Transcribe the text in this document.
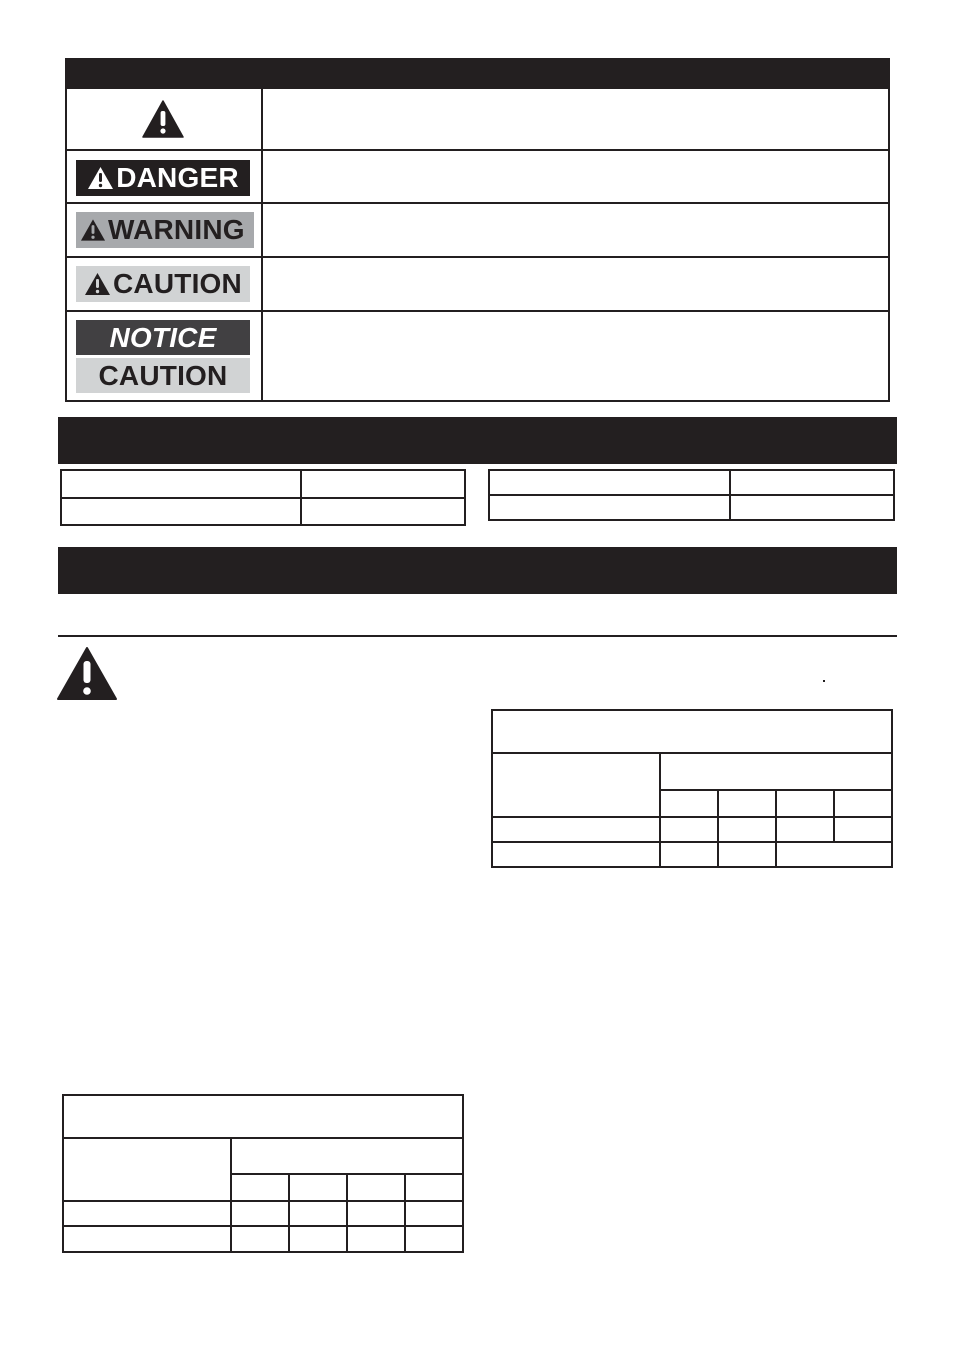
DANGER
WARNING
CAUTION
NOTICE
CAUTION
